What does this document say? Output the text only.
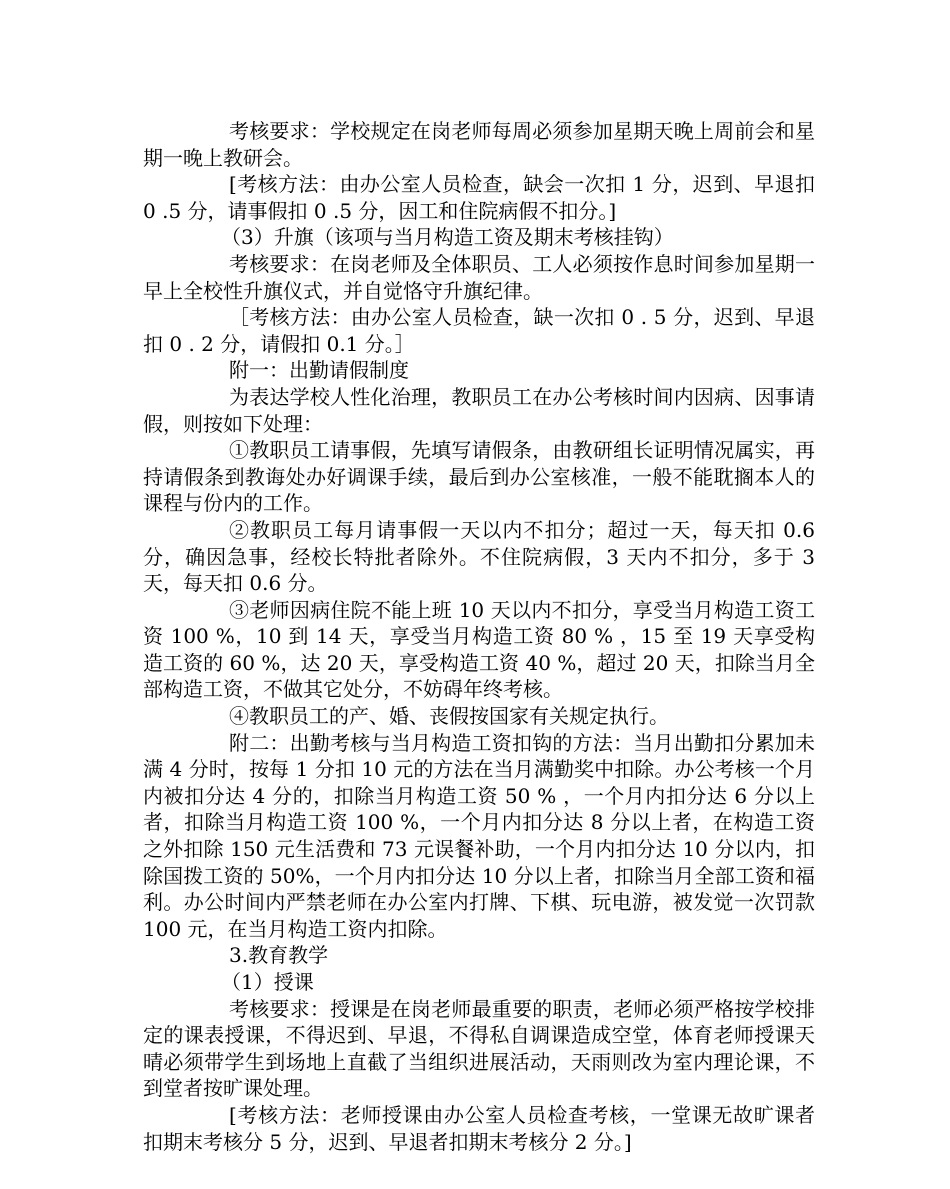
考核要求：学校规定在岗老师每周必须参加星期天晚上周前会和星期一晚上教研会。

[考核方法：由办公室人员检查，缺会一次扣 1 分，迟到、早退扣 0 .5 分，请事假扣 0 .5 分，因工和住院病假不扣分。]

（3）升旗（该项与当月构造工资及期末考核挂钩）

考核要求：在岗老师及全体职员、工人必须按作息时间参加星期一早上全校性升旗仪式，并自觉恪守升旗纪律。

［考核方法：由办公室人员检查，缺一次扣 0 . 5 分，迟到、早退扣 0 . 2 分，请假扣 0.1 分。］

附一：出勤请假制度

为表达学校人性化治理，教职员工在办公考核时间内因病、因事请假，则按如下处理：

①教职员工请事假，先填写请假条，由教研组长证明情况属实，再持请假条到教诲处办好调课手续，最后到办公室核准，一般不能耽搁本人的课程与份内的工作。

②教职员工每月请事假一天以内不扣分；超过一天，每天扣 0.6 分，确因急事，经校长特批者除外。不住院病假，3 天内不扣分，多于 3 天，每天扣 0.6 分。

③老师因病住院不能上班 10 天以内不扣分，享受当月构造工资工资 100 %，10 到 14 天，享受当月构造工资 80 % ，15 至 19 天享受构造工资的 60 %，达 20 天，享受构造工资 40 %，超过 20 天，扣除当月全部构造工资，不做其它处分，不妨碍年终考核。

④教职员工的产、婚、丧假按国家有关规定执行。

附二：出勤考核与当月构造工资扣钩的方法：当月出勤扣分累加未满 4 分时，按每 1 分扣 10 元的方法在当月满勤奖中扣除。办公考核一个月内被扣分达 4 分的，扣除当月构造工资 50 % ，一个月内扣分达 6 分以上者，扣除当月构造工资 100 %，一个月内扣分达 8 分以上者，在构造工资之外扣除 150 元生活费和 73 元误餐补助，一个月内扣分达 10 分以内，扣除国拨工资的 50%，一个月内扣分达 10 分以上者，扣除当月全部工资和福利。办公时间内严禁老师在办公室内打牌、下棋、玩电游，被发觉一次罚款 100 元，在当月构造工资内扣除。

3.教育教学

（1）授课

考核要求：授课是在岗老师最重要的职责，老师必须严格按学校排定的课表授课，不得迟到、早退，不得私自调课造成空堂，体育老师授课天晴必须带学生到场地上直截了当组织进展活动，天雨则改为室内理论课，不到堂者按旷课处理。

[考核方法：老师授课由办公室人员检查考核，一堂课无故旷课者扣期末考核分 5 分，迟到、早退者扣期末考核分 2 分。]
